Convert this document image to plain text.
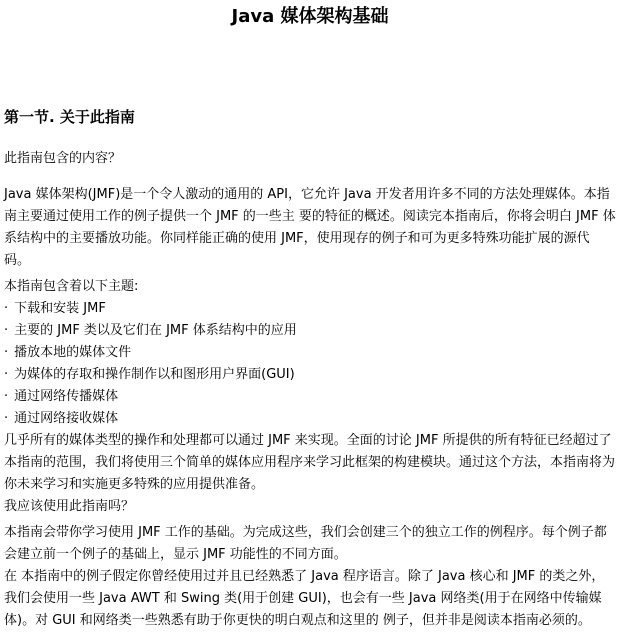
Java 媒体架构基础
第一节. 关于此指南

此指南包含的内容？

Java 媒体架构(JMF)是一个令人激动的通用的 API，它允许 Java 开发者用许多不同的方法处理媒体。本指南主要通过使用工作的例子提供一个 JMF 的一些主 要的特征的概述。阅读完本指南后，你将会明白 JMF 体系结构中的主要播放功能。你同样能正确的使用 JMF，使用现存的例子和可为更多特殊功能扩展的源代 码。

本指南包含着以下主题:
· 下载和安装 JMF
· 主要的 JMF 类以及它们在 JMF 体系结构中的应用
· 播放本地的媒体文件
· 为媒体的存取和操作制作以和图形用户界面(GUI)
· 通过网络传播媒体
· 通过网络接收媒体

几乎所有的媒体类型的操作和处理都可以通过 JMF 来实现。全面的讨论 JMF 所提供的所有特征已经超过了本指南的范围，我们将使用三个简单的媒体应用程序来学习此框架的构建模块。通过这个方法，本指南将为你未来学习和实施更多特殊的应用提供准备。

我应该使用此指南吗？

本指南会带你学习使用 JMF 工作的基础。为完成这些，我们会创建三个的独立工作的例程序。每个例子都会建立前一个例子的基础上，显示 JMF 功能性的不同方面。

在 本指南中的例子假定你曾经使用过并且已经熟悉了 Java 程序语言。除了 Java 核心和 JMF 的类之外，我们会使用一些 Java AWT 和 Swing 类(用于创建 GUI)，也会有一些 Java 网络类(用于在网络中传输媒体)。对 GUI 和网络类一些熟悉有助于你更快的明白观点和这里的 例子，但并非是阅读本指南必须的。
